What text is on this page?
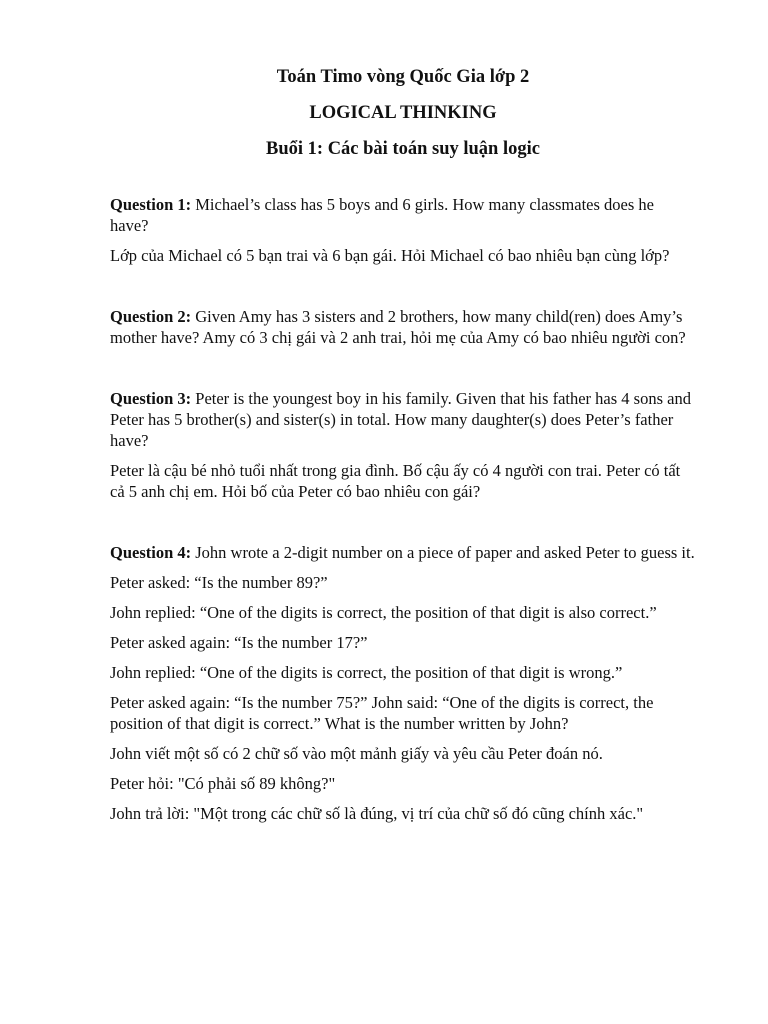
Toán Timo vòng Quốc Gia lớp 2
LOGICAL THINKING
Buổi 1: Các bài toán suy luận logic
Question 1: Michael’s class has 5 boys and 6 girls. How many classmates does he have?
Lớp của Michael có 5 bạn trai và 6 bạn gái. Hỏi Michael có bao nhiêu bạn cùng lớp?
Question 2: Given Amy has 3 sisters and 2 brothers, how many child(ren) does Amy’s mother have? Amy có 3 chị gái và 2 anh trai, hỏi mẹ của Amy có bao nhiêu người con?
Question 3: Peter is the youngest boy in his family. Given that his father has 4 sons and Peter has 5 brother(s) and sister(s) in total. How many daughter(s) does Peter’s father have?
Peter là cậu bé nhỏ tuổi nhất trong gia đình. Bố cậu ấy có 4 người con trai. Peter có tất cả 5 anh chị em. Hỏi bố của Peter có bao nhiêu con gái?
Question 4: John wrote a 2-digit number on a piece of paper and asked Peter to guess it.
Peter asked: “Is the number 89?”
John replied: “One of the digits is correct, the position of that digit is also correct.”
Peter asked again: “Is the number 17?”
John replied: “One of the digits is correct, the position of that digit is wrong.”
Peter asked again: “Is the number 75?” John said: “One of the digits is correct, the position of that digit is correct.” What is the number written by John?
John viết một số có 2 chữ số vào một mảnh giấy và yêu cầu Peter đoán nó.
Peter hỏi: "Có phải số 89 không?"
John trả lời: "Một trong các chữ số là đúng, vị trí của chữ số đó cũng chính xác."
